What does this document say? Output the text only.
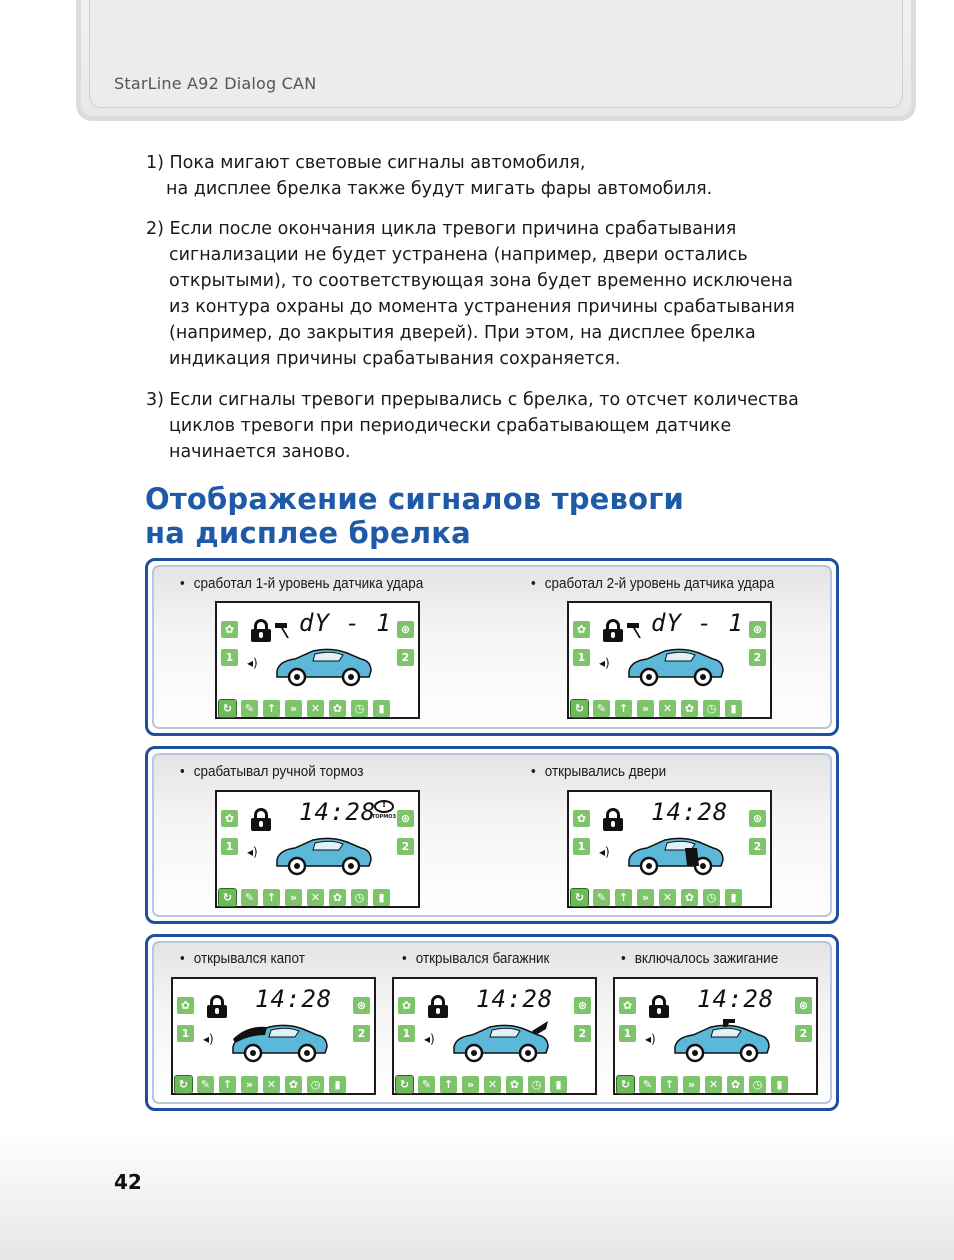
StarLine A92 Dialog CAN
1) Пока мигают световые сигналы автомобиля,
на дисплее брелка также будут мигать фары автомобиля.
2) Если после окончания цикла тревоги причина срабатывания
сигнализации не будет устранена (например, двери остались
открытыми), то соответствующая зона будет временно исключена
из контура охраны до момента устранения причины срабатывания
(например, до закрытия дверей). При этом, на дисплее брелка
индикация причины срабатывания сохраняется.
3) Если сигналы тревоги прерывались с брелка, то отсчет количества
циклов тревоги при периодически срабатывающем датчике
начинается заново.
Отображение сигналов тревоги
на дисплее брелка
• сработал 1-й уровень датчика удара	• сработал 2-й уровень датчика удара
dY - 1
✿
1
⊛
2
◂)
↻	✎	↑	»	✕	✿	◷	▮
dY - 1
✿
1
⊛
2
◂)
↻	✎	↑	»	✕	✿	◷	▮
• срабатывал ручной тормоз	• открывались двери
14:28
!
ТОРМОЗ
✿
1
⊛
2
◂)
↻	✎	↑	»	✕	✿	◷	▮
14:28
✿
1
⊛
2
◂)
↻	✎	↑	»	✕	✿	◷	▮
• открывался капот	• открывался багажник	• включалось зажигание
14:28
✿
1
⊛
2
◂)
↻	✎	↑	»	✕	✿	◷	▮
14:28
✿
1
⊛
2
◂)
↻	✎	↑	»	✕	✿	◷	▮
14:28
✿
1
⊛
2
◂)
↻	✎	↑	»	✕	✿	◷	▮
42
